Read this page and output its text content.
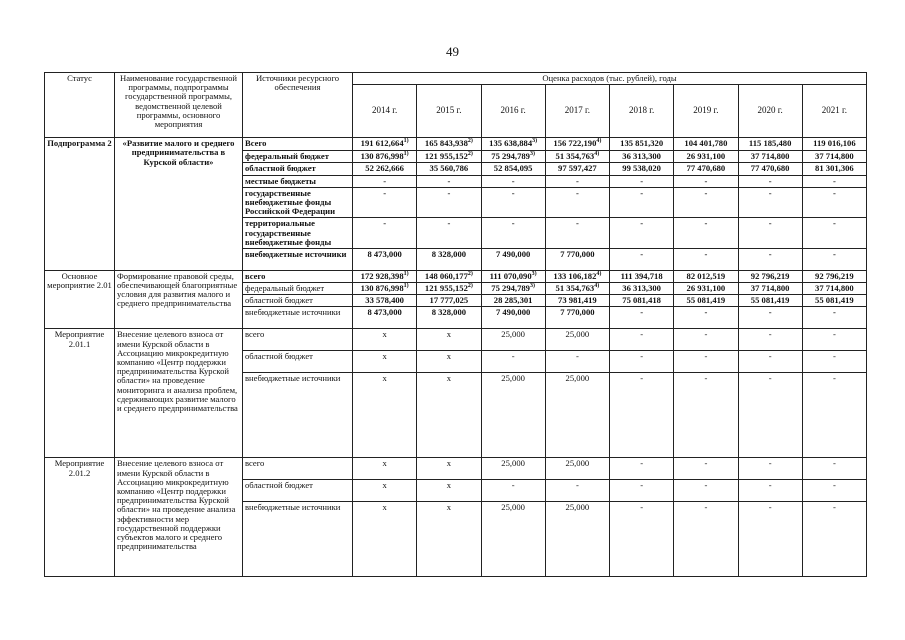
49
Статус	Наименование государственной программы, подпрограммы государственной программы, ведомственной целевой программы, основного мероприятия	Источники ресурсного обеспечения	Оценка расходов (тыс. рублей), годы							
			2014 г.	2015 г.	2016 г.	2017 г.	2018 г.	2019 г.	2020 г.	2021 г.
Подпрограмма 2	«Развитие малого и среднего предпринимательства в Курской области»	Всего	191 612,664$^{1)}$	165 843,938$^{2)}$	135 638,884$^{3)}$	156 722,190$^{4)}$	135 851,320	104 401,780	115 185,480	119 016,106
		федеральный бюджет	130 876,998$^{1)}$	121 955,152$^{2)}$	75 294,789$^{3)}$	51 354,763$^{4)}$	36 313,300	26 931,100	37 714,800	37 714,800
		областной бюджет	52 262,666	35 560,786	52 854,095	97 597,427	99 538,020	77 470,680	77 470,680	81 301,306
		местные бюджеты	-	-	-	-	-	-	-	-
		государственные внебюджетные фонды Российской Федерации	-	-	-	-	-	-	-	-
		территориальные государственные внебюджетные фонды	-	-	-	-	-	-	-	-
		внебюджетные источники	8 473,000	8 328,000	7 490,000	7 770,000	-	-	-	-
Основное мероприятие 2.01	Формирование правовой среды, обеспечивающей благоприятные условия для развития малого и среднего предпринимательства	всего	172 928,398$^{1)}$	148 060,177$^{2)}$	111 070,090$^{3)}$	133 106,182$^{4)}$	111 394,718	82 012,519	92 796,219	92 796,219
		федеральный бюджет	130 876,998$^{1)}$	121 955,152$^{2)}$	75 294,789$^{3)}$	51 354,763$^{4)}$	36 313,300	26 931,100	37 714,800	37 714,800
		областной бюджет	33 578,400	17 777,025	28 285,301	73 981,419	75 081,418	55 081,419	55 081,419	55 081,419
		внебюджетные источники	8 473,000	8 328,000	7 490,000	7 770,000	-	-	-	-
Мероприятие 2.01.1	Внесение целевого взноса от имени Курской области в Ассоциацию микрокредитную компанию «Центр поддержки предпринимательства Курской области» на проведение мониторинга и анализа проблем, сдерживающих развитие малого и среднего предпринимательства	всего	x	x	25,000	25,000	-	-	-	-
		областной бюджет	x	x	-	-	-	-	-	-
		внебюджетные источники	x	x	25,000	25,000	-	-	-	-
Мероприятие 2.01.2	Внесение целевого взноса от имени Курской области в Ассоциацию микрокредитную компанию «Центр поддержки предпринимательства Курской области» на проведение анализа эффективности мер государственной поддержки субъектов малого и среднего предпринимательства	всего	x	x	25,000	25,000	-	-	-	-
		областной бюджет	x	x	-	-	-	-	-	-
		внебюджетные источники	x	x	25,000	25,000	-	-	-	-
